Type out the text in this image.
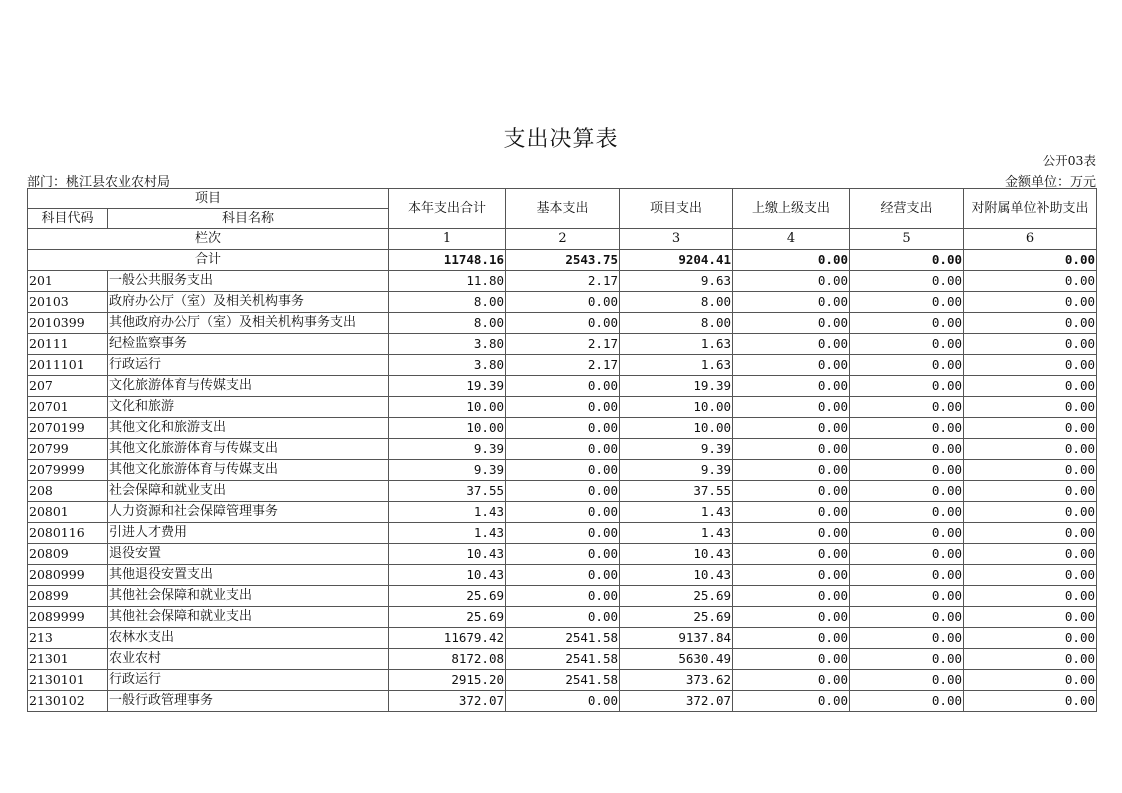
支出决算表
公开03表
部门：桃江县农业农村局	金额单位：万元
项目		本年支出合计	基本支出	项目支出	上缴上级支出	经营支出	对附属单位补助支出
科目代码	科目名称						
栏次		1	2	3	4	5	6
合计		11748.16	2543.75	9204.41	0.00	0.00	0.00
201	一般公共服务支出	11.80	2.17	9.63	0.00	0.00	0.00
20103	政府办公厅（室）及相关机构事务	8.00	0.00	8.00	0.00	0.00	0.00
2010399	其他政府办公厅（室）及相关机构事务支出	8.00	0.00	8.00	0.00	0.00	0.00
20111	纪检监察事务	3.80	2.17	1.63	0.00	0.00	0.00
2011101	行政运行	3.80	2.17	1.63	0.00	0.00	0.00
207	文化旅游体育与传媒支出	19.39	0.00	19.39	0.00	0.00	0.00
20701	文化和旅游	10.00	0.00	10.00	0.00	0.00	0.00
2070199	其他文化和旅游支出	10.00	0.00	10.00	0.00	0.00	0.00
20799	其他文化旅游体育与传媒支出	9.39	0.00	9.39	0.00	0.00	0.00
2079999	其他文化旅游体育与传媒支出	9.39	0.00	9.39	0.00	0.00	0.00
208	社会保障和就业支出	37.55	0.00	37.55	0.00	0.00	0.00
20801	人力资源和社会保障管理事务	1.43	0.00	1.43	0.00	0.00	0.00
2080116	引进人才费用	1.43	0.00	1.43	0.00	0.00	0.00
20809	退役安置	10.43	0.00	10.43	0.00	0.00	0.00
2080999	其他退役安置支出	10.43	0.00	10.43	0.00	0.00	0.00
20899	其他社会保障和就业支出	25.69	0.00	25.69	0.00	0.00	0.00
2089999	其他社会保障和就业支出	25.69	0.00	25.69	0.00	0.00	0.00
213	农林水支出	11679.42	2541.58	9137.84	0.00	0.00	0.00
21301	农业农村	8172.08	2541.58	5630.49	0.00	0.00	0.00
2130101	行政运行	2915.20	2541.58	373.62	0.00	0.00	0.00
2130102	一般行政管理事务	372.07	0.00	372.07	0.00	0.00	0.00
